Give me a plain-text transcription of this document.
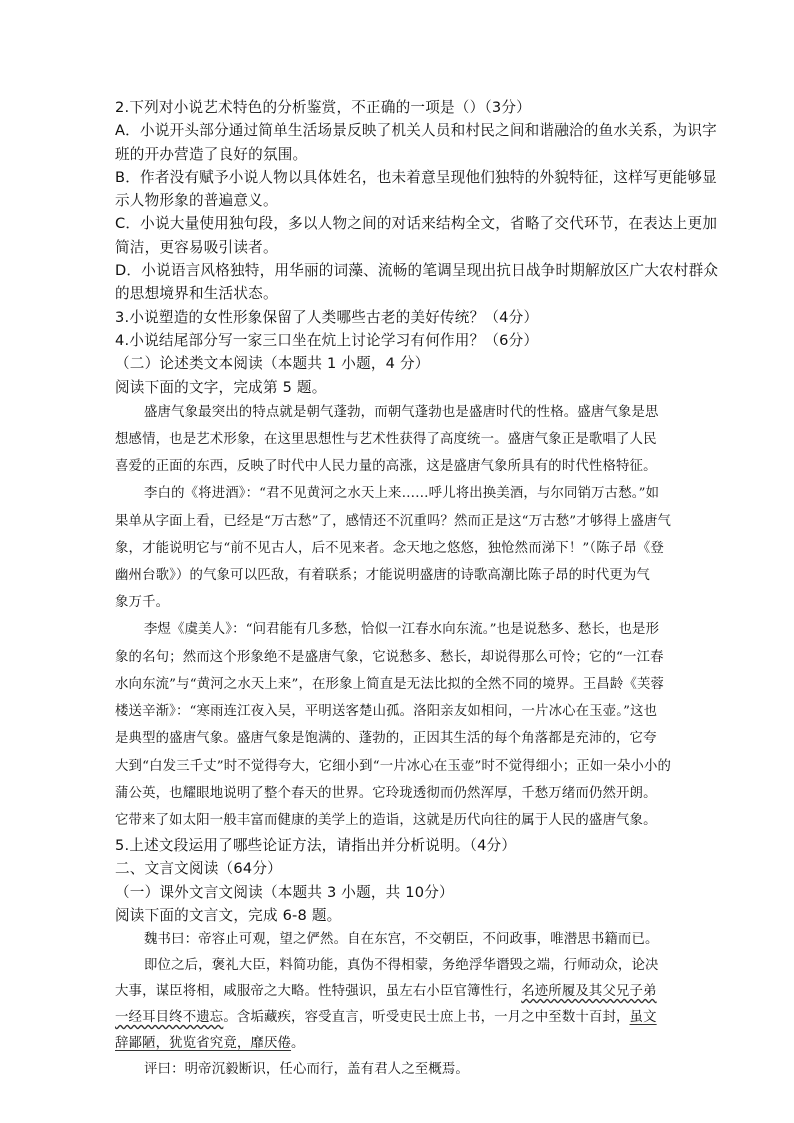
2.下列对小说艺术特色的分析鉴赏，不正确的一项是（）（3分）
A．小说开头部分通过简单生活场景反映了机关人员和村民之间和谐融洽的鱼水关系，为识字
班的开办营造了良好的氛围。
B．作者没有赋予小说人物以具体姓名，也未着意呈现他们独特的外貌特征，这样写更能够显
示人物形象的普遍意义。
C．小说大量使用独句段，多以人物之间的对话来结构全文，省略了交代环节，在表达上更加
简洁，更容易吸引读者。
D．小说语言风格独特，用华丽的词藻、流畅的笔调呈现出抗日战争时期解放区广大农村群众
的思想境界和生活状态。
3.小说塑造的女性形象保留了人类哪些古老的美好传统？（4分）
4.小说结尾部分写一家三口坐在炕上讨论学习有何作用？（6分）
（二）论述类文本阅读（本题共 1 小题，4 分）
阅读下面的文字，完成第 5 题。
盛唐气象最突出的特点就是朝气蓬勃，而朝气蓬勃也是盛唐时代的性格。盛唐气象是思
想感情，也是艺术形象，在这里思想性与艺术性获得了高度统一。盛唐气象正是歌唱了人民
喜爱的正面的东西，反映了时代中人民力量的高涨，这是盛唐气象所具有的时代性格特征。
李白的《将进酒》：“君不见黄河之水天上来……呼儿将出换美酒，与尔同销万古愁。”如
果单从字面上看，已经是“万古愁”了，感情还不沉重吗？然而正是这“万古愁”才够得上盛唐气
象，才能说明它与“前不见古人，后不见来者。念天地之悠悠，独怆然而涕下！”（陈子昂《登
幽州台歌》）的气象可以匹敌，有着联系；才能说明盛唐的诗歌高潮比陈子昂的时代更为气
象万千。
李煜《虞美人》：“问君能有几多愁，恰似一江春水向东流。”也是说愁多、愁长，也是形
象的名句；然而这个形象绝不是盛唐气象，它说愁多、愁长，却说得那么可怜；它的“一江春
水向东流”与“黄河之水天上来”，在形象上简直是无法比拟的全然不同的境界。王昌龄《芙蓉
楼送辛渐》：“寒雨连江夜入吴，平明送客楚山孤。洛阳亲友如相问，一片冰心在玉壶。”这也
是典型的盛唐气象。盛唐气象是饱满的、蓬勃的，正因其生活的每个角落都是充沛的，它夸
大到“白发三千丈”时不觉得夸大，它细小到“一片冰心在玉壶”时不觉得细小；正如一朵小小的
蒲公英，也耀眼地说明了整个春天的世界。它玲珑透彻而仍然浑厚，千愁万绪而仍然开朗。
它带来了如太阳一般丰富而健康的美学上的造诣，这就是历代向往的属于人民的盛唐气象。
5.上述文段运用了哪些论证方法，请指出并分析说明。（4分）
二、文言文阅读（64分）
（一）课外文言文阅读（本题共 3 小题，共 10分）
阅读下面的文言文，完成 6-8 题。
魏书曰：帝容止可观，望之俨然。自在东宫，不交朝臣，不问政事，唯潜思书籍而已。
即位之后，褒礼大臣，料简功能，真伪不得相蒙，务绝浮华谮毁之端，行师动众，论决
大事，谋臣将相，咸服帝之大略。性特强识，虽左右小臣官簿性行，名迹所履及其父兄子弟
一经耳目终不遗忘。含垢藏疾，容受直言，听受吏民士庶上书，一月之中至数十百封，虽文
辞鄙陋，犹览省究竟，靡厌倦。
评曰：明帝沉毅断识，任心而行，盖有君人之至概焉。
